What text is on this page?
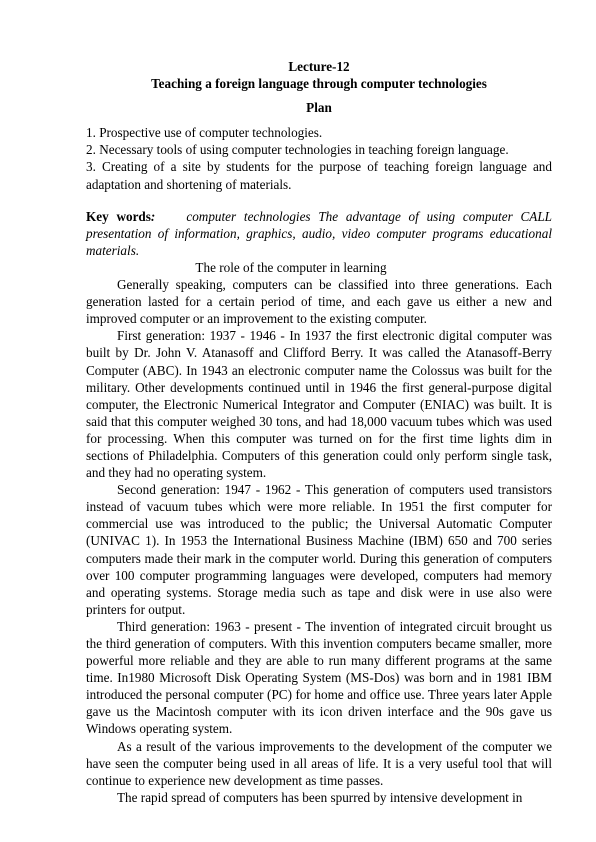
Lecture-12

Teaching a foreign language through computer technologies

Plan

1. Prospective use of computer technologies.

2. Necessary tools of using computer technologies in teaching foreign language.

3. Creating of a site by students for the purpose of teaching foreign language and adaptation and shortening of materials.

Key words: computer technologies The advantage of using computer CALL presentation of information, graphics, audio, video computer programs educational materials.

The role of the computer in learning

Generally speaking, computers can be classified into three generations. Each generation lasted for a certain period of time, and each gave us either a new and improved computer or an improvement to the existing computer.

First generation: 1937 - 1946 - In 1937 the first electronic digital computer was built by Dr. John V. Atanasoff and Clifford Berry. It was called the Atanasoff-Berry Computer (ABC). In 1943 an electronic computer name the Colossus was built for the military. Other developments continued until in 1946 the first general-purpose digital computer, the Electronic Numerical Integrator and Computer (ENIAC) was built. It is said that this computer weighed 30 tons, and had 18,000 vacuum tubes which was used for processing. When this computer was turned on for the first time lights dim in sections of Philadelphia. Computers of this generation could only perform single task, and they had no operating system.

Second generation: 1947 - 1962 - This generation of computers used transistors instead of vacuum tubes which were more reliable. In 1951 the first computer for commercial use was introduced to the public; the Universal Automatic Computer (UNIVAC 1). In 1953 the International Business Machine (IBM) 650 and 700 series computers made their mark in the computer world. During this generation of computers over 100 computer programming languages were developed, computers had memory and operating systems. Storage media such as tape and disk were in use also were printers for output.

Third generation: 1963 - present - The invention of integrated circuit brought us the third generation of computers. With this invention computers became smaller, more powerful more reliable and they are able to run many different programs at the same time. In1980 Microsoft Disk Operating System (MS-Dos) was born and in 1981 IBM introduced the personal computer (PC) for home and office use. Three years later Apple gave us the Macintosh computer with its icon driven interface and the 90s gave us Windows operating system.

As a result of the various improvements to the development of the computer we have seen the computer being used in all areas of life. It is a very useful tool that will continue to experience new development as time passes.

The rapid spread of computers has been spurred by intensive development in
